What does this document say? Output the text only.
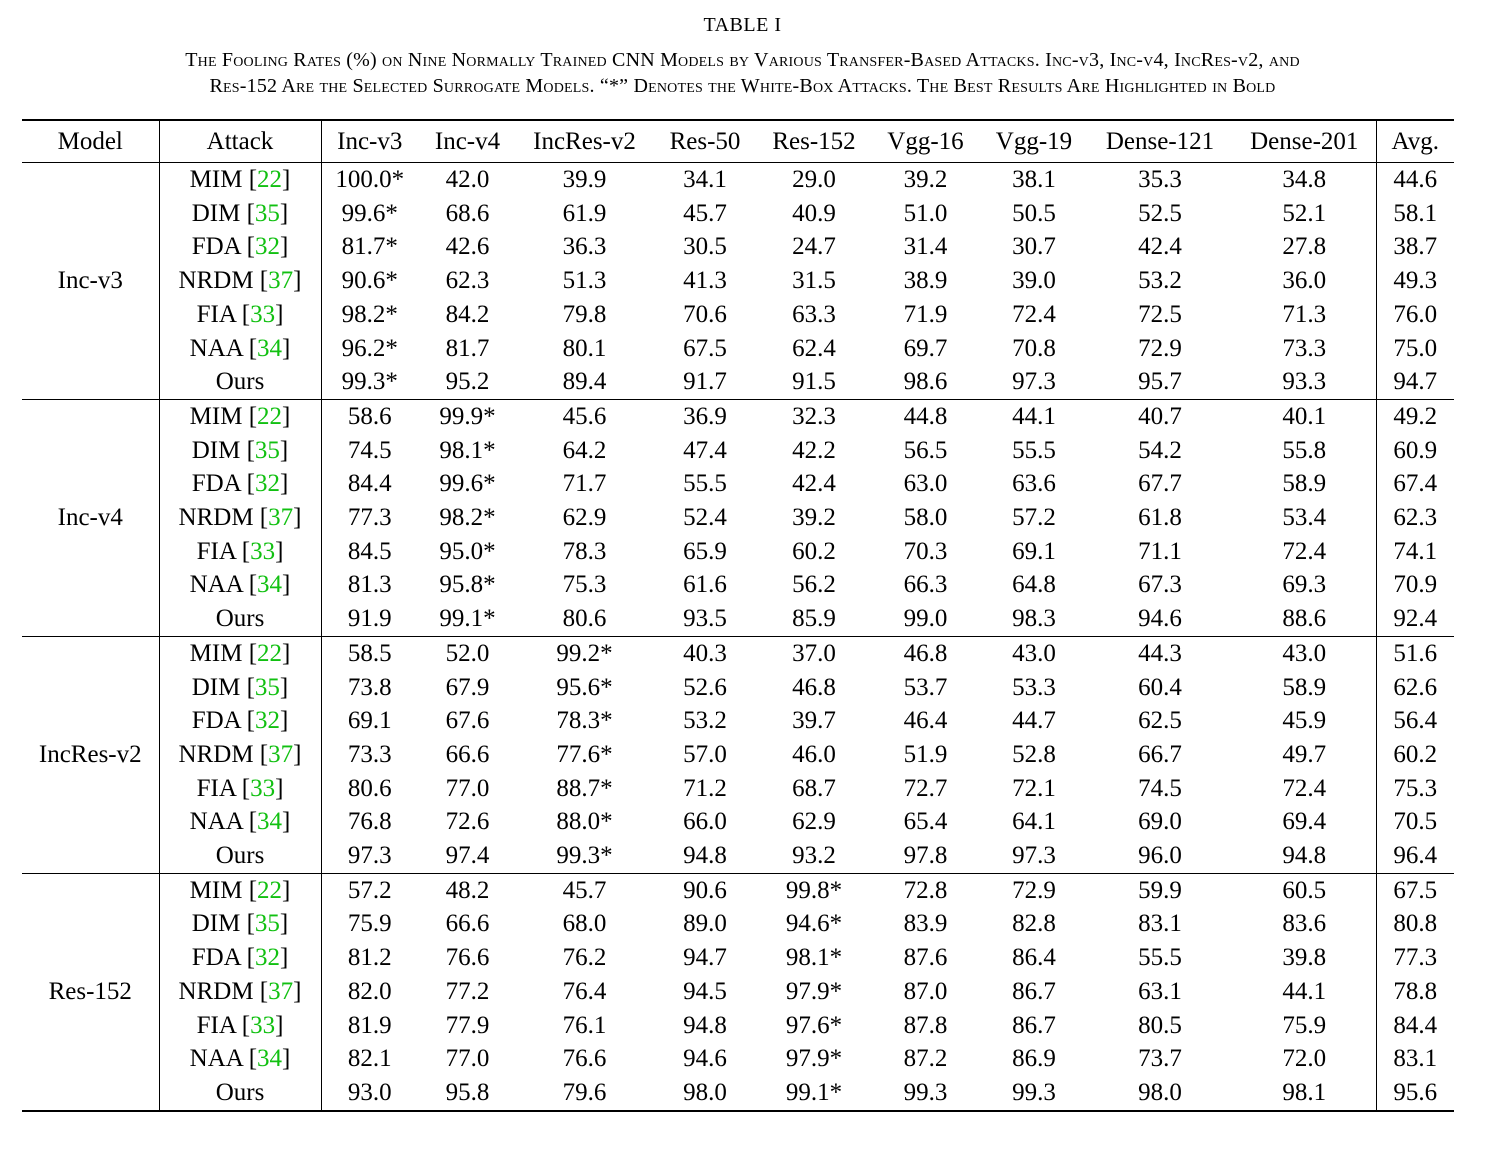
TABLE I
The Fooling Rates (%) on Nine Normally Trained CNN Models by Various Transfer-Based Attacks. Inc-v3, Inc-v4, IncRes-v2, and
Res-152 Are the Selected Surrogate Models. “*” Denotes the White-Box Attacks. The Best Results Are Highlighted in Bold
Model	Attack	Inc-v3	Inc-v4	IncRes-v2	Res-50	Res-152	Vgg-16	Vgg-19	Dense-121	Dense-201	Avg.
Inc-v3	MIM [22]	100.0*	42.0	39.9	34.1	29.0	39.2	38.1	35.3	34.8	44.6
	DIM [35]	99.6*	68.6	61.9	45.7	40.9	51.0	50.5	52.5	52.1	58.1
	FDA [32]	81.7*	42.6	36.3	30.5	24.7	31.4	30.7	42.4	27.8	38.7
	NRDM [37]	90.6*	62.3	51.3	41.3	31.5	38.9	39.0	53.2	36.0	49.3
	FIA [33]	98.2*	84.2	79.8	70.6	63.3	71.9	72.4	72.5	71.3	76.0
	NAA [34]	96.2*	81.7	80.1	67.5	62.4	69.7	70.8	72.9	73.3	75.0
	Ours	99.3*	95.2	89.4	91.7	91.5	98.6	97.3	95.7	93.3	94.7
Inc-v4	MIM [22]	58.6	99.9*	45.6	36.9	32.3	44.8	44.1	40.7	40.1	49.2
	DIM [35]	74.5	98.1*	64.2	47.4	42.2	56.5	55.5	54.2	55.8	60.9
	FDA [32]	84.4	99.6*	71.7	55.5	42.4	63.0	63.6	67.7	58.9	67.4
	NRDM [37]	77.3	98.2*	62.9	52.4	39.2	58.0	57.2	61.8	53.4	62.3
	FIA [33]	84.5	95.0*	78.3	65.9	60.2	70.3	69.1	71.1	72.4	74.1
	NAA [34]	81.3	95.8*	75.3	61.6	56.2	66.3	64.8	67.3	69.3	70.9
	Ours	91.9	99.1*	80.6	93.5	85.9	99.0	98.3	94.6	88.6	92.4
IncRes-v2	MIM [22]	58.5	52.0	99.2*	40.3	37.0	46.8	43.0	44.3	43.0	51.6
	DIM [35]	73.8	67.9	95.6*	52.6	46.8	53.7	53.3	60.4	58.9	62.6
	FDA [32]	69.1	67.6	78.3*	53.2	39.7	46.4	44.7	62.5	45.9	56.4
	NRDM [37]	73.3	66.6	77.6*	57.0	46.0	51.9	52.8	66.7	49.7	60.2
	FIA [33]	80.6	77.0	88.7*	71.2	68.7	72.7	72.1	74.5	72.4	75.3
	NAA [34]	76.8	72.6	88.0*	66.0	62.9	65.4	64.1	69.0	69.4	70.5
	Ours	97.3	97.4	99.3*	94.8	93.2	97.8	97.3	96.0	94.8	96.4
Res-152	MIM [22]	57.2	48.2	45.7	90.6	99.8*	72.8	72.9	59.9	60.5	67.5
	DIM [35]	75.9	66.6	68.0	89.0	94.6*	83.9	82.8	83.1	83.6	80.8
	FDA [32]	81.2	76.6	76.2	94.7	98.1*	87.6	86.4	55.5	39.8	77.3
	NRDM [37]	82.0	77.2	76.4	94.5	97.9*	87.0	86.7	63.1	44.1	78.8
	FIA [33]	81.9	77.9	76.1	94.8	97.6*	87.8	86.7	80.5	75.9	84.4
	NAA [34]	82.1	77.0	76.6	94.6	97.9*	87.2	86.9	73.7	72.0	83.1
	Ours	93.0	95.8	79.6	98.0	99.1*	99.3	99.3	98.0	98.1	95.6
